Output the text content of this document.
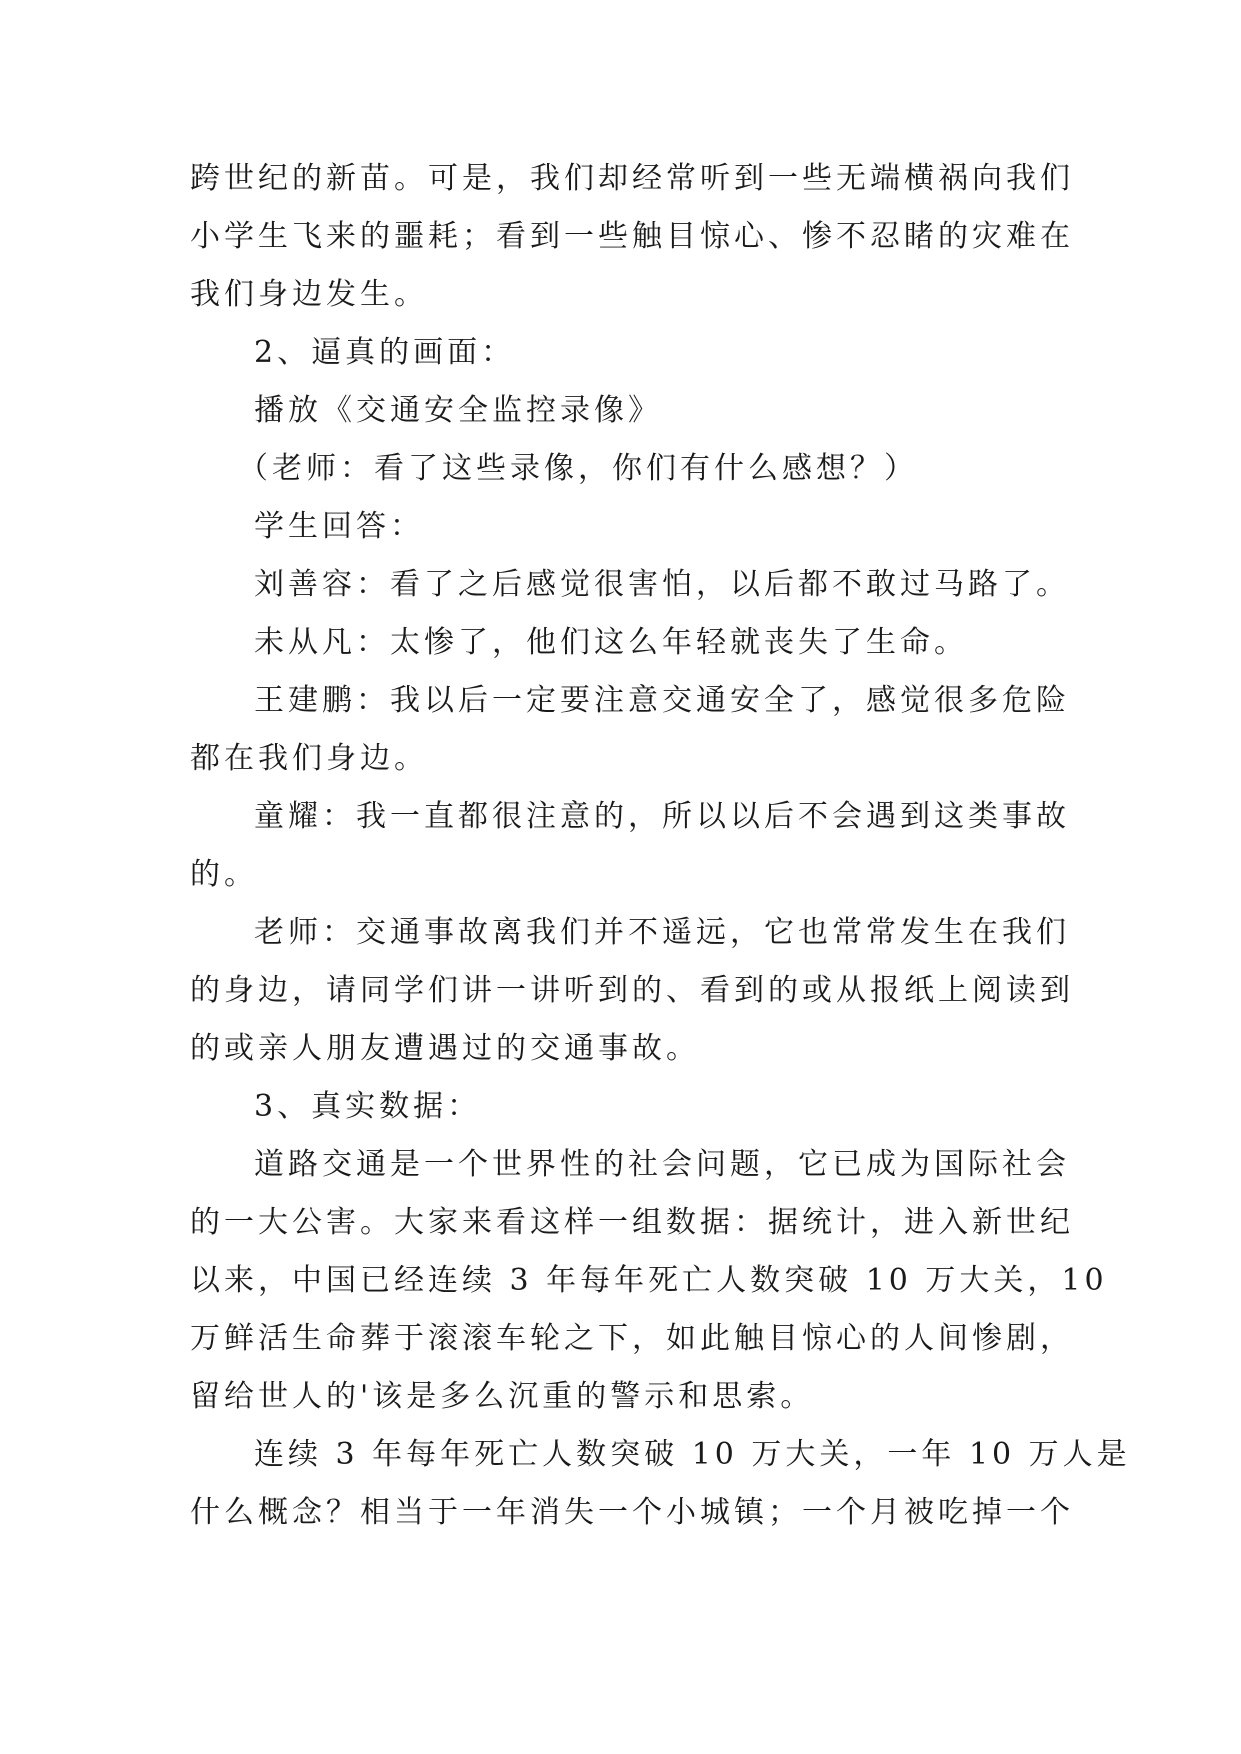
跨世纪的新苗。可是，我们却经常听到一些无端横祸向我们

小学生飞来的噩耗；看到一些触目惊心、惨不忍睹的灾难在

我们身边发生。

2、逼真的画面：

播放《交通安全监控录像》

（老师：看了这些录像，你们有什么感想？）

学生回答：

刘善容：看了之后感觉很害怕，以后都不敢过马路了。

未从凡：太惨了，他们这么年轻就丧失了生命。

王建鹏：我以后一定要注意交通安全了，感觉很多危险

都在我们身边。

童耀：我一直都很注意的，所以以后不会遇到这类事故

的。

老师：交通事故离我们并不遥远，它也常常发生在我们

的身边，请同学们讲一讲听到的、看到的或从报纸上阅读到

的或亲人朋友遭遇过的交通事故。

3、真实数据：

道路交通是一个世界性的社会问题，它已成为国际社会

的一大公害。大家来看这样一组数据：据统计，进入新世纪

以来，中国已经连续 3 年每年死亡人数突破 10 万大关，10

万鲜活生命葬于滚滚车轮之下，如此触目惊心的人间惨剧，

留给世人的'该是多么沉重的警示和思索。

连续 3 年每年死亡人数突破 10 万大关，一年 10 万人是

什么概念？相当于一年消失一个小城镇；一个月被吃掉一个
